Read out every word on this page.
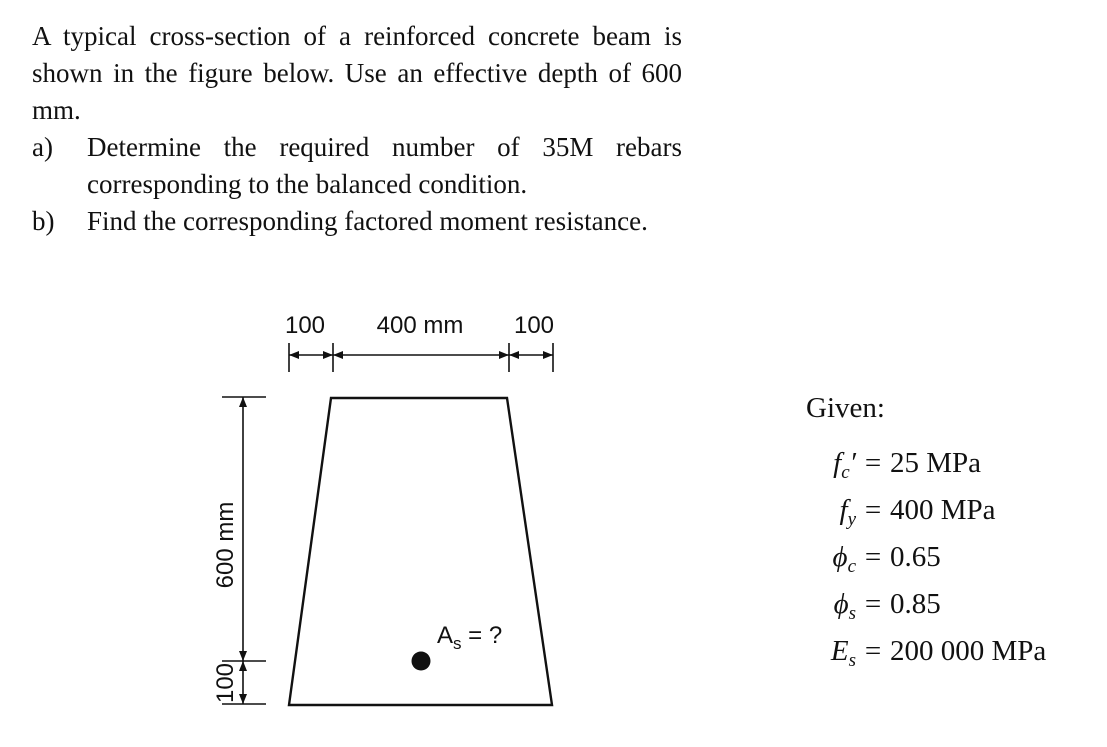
A typical cross-section of a reinforced concrete beam is shown in the figure below. Use an effective depth of 600 mm.
a)	Determine the required number of 35M rebars corresponding to the balanced condition.
b)	Find the corresponding factored moment resistance.
100 400 mm 100
600 mm
100
$A_s$ = ?
Given:
$f_c' = 25$ MPa
$f_y = 400$ MPa
$\phi_c = 0.65$
$\phi_s = 0.85$
$E_s = 200$ 000 MPa
